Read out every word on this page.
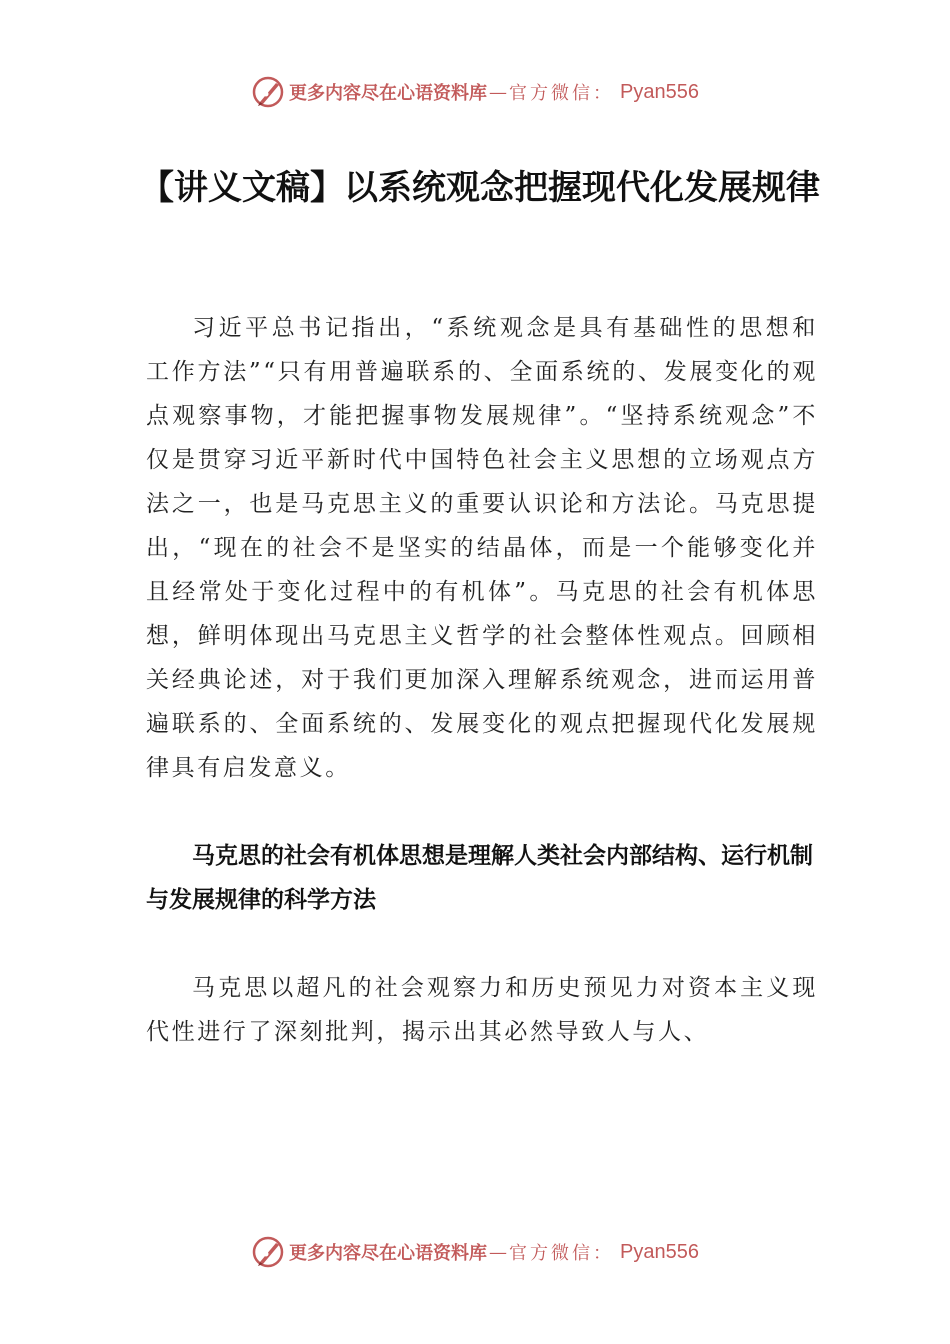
更多内容尽在心语资料库 — 官方微信： Pyan556
【讲义文稿】以系统观念把握现代化发展规律

习近平总书记指出，“系统观念是具有基础性的思想和工作方法”“只有用普遍联系的、全面系统的、发展变化的观点观察事物，才能把握事物发展规律”。“坚持系统观念”不仅是贯穿习近平新时代中国特色社会主义思想的立场观点方法之一，也是马克思主义的重要认识论和方法论。马克思提出，“现在的社会不是坚实的结晶体，而是一个能够变化并且经常处于变化过程中的有机体”。马克思的社会有机体思想，鲜明体现出马克思主义哲学的社会整体性观点。回顾相关经典论述，对于我们更加深入理解系统观念，进而运用普遍联系的、全面系统的、发展变化的观点把握现代化发展规律具有启发意义。

马克思的社会有机体思想是理解人类社会内部结构、运行机制与发展规律的科学方法

马克思以超凡的社会观察力和历史预见力对资本主义现代性进行了深刻批判，揭示出其必然导致人与人、

更多内容尽在心语资料库 — 官方微信： Pyan556
